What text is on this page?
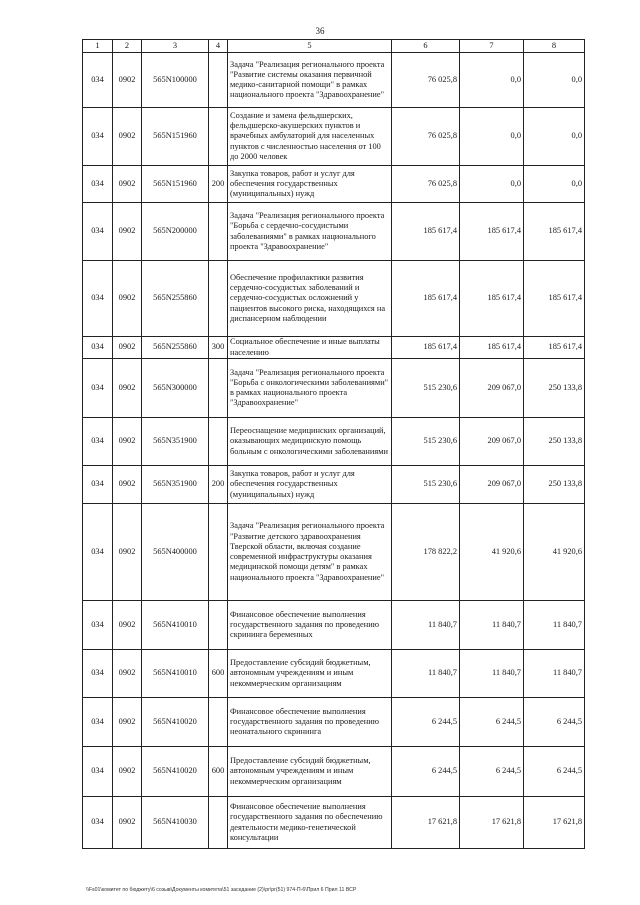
36
1	2	3	4	5	6	7	8
034	0902	565N100000		Задача "Реализация регионального проекта "Развитие системы оказания первичной медико-санитарной помощи" в рамках национального проекта "Здравоохранение"	76 025,8	0,0	0,0
034	0902	565N151960		Создание и замена фельдшерских, фельдшерско-акушерских пунктов и врачебных амбулаторий для населенных пунктов с численностью населения от 100 до 2000 человек	76 025,8	0,0	0,0
034	0902	565N151960	200	Закупка товаров, работ и услуг для обеспечения государственных (муниципальных) нужд	76 025,8	0,0	0,0
034	0902	565N200000		Задача "Реализация регионального проекта "Борьба с сердечно-сосудистыми заболеваниями" в рамках национального проекта "Здравоохранение"	185 617,4	185 617,4	185 617,4
034	0902	565N255860		Обеспечение профилактики развития сердечно-сосудистых заболеваний и сердечно-сосудистых осложнений у пациентов высокого риска, находящихся на диспансерном наблюдении	185 617,4	185 617,4	185 617,4
034	0902	565N255860	300	Социальное обеспечение и иные выплаты населению	185 617,4	185 617,4	185 617,4
034	0902	565N300000		Задача "Реализация регионального проекта "Борьба с онкологическими заболеваниями" в рамках национального проекта "Здравоохранение"	515 230,6	209 067,0	250 133,8
034	0902	565N351900		Переоснащение медицинских организаций, оказывающих медицинскую помощь больным с онкологическими заболеваниями	515 230,6	209 067,0	250 133,8
034	0902	565N351900	200	Закупка товаров, работ и услуг для обеспечения государственных (муниципальных) нужд	515 230,6	209 067,0	250 133,8
034	0902	565N400000		Задача "Реализация регионального проекта "Развитие детского здравоохранения Тверской области, включая создание современной инфраструктуры оказания медицинской помощи детям" в рамках национального проекта "Здравоохранение"	178 822,2	41 920,6	41 920,6
034	0902	565N410010		Финансовое обеспечение выполнения государственного задания по проведению скрининга беременных	11 840,7	11 840,7	11 840,7
034	0902	565N410010	600	Предоставление субсидий бюджетным, автономным учреждениям и иным некоммерческим организациям	11 840,7	11 840,7	11 840,7
034	0902	565N410020		Финансовое обеспечение выполнения государственного задания по проведению неонатального скрининга	6 244,5	6 244,5	6 244,5
034	0902	565N410020	600	Предоставление субсидий бюджетным, автономным учреждениям и иным некоммерческим организациям	6 244,5	6 244,5	6 244,5
034	0902	565N410030		Финансовое обеспечение выполнения государственного задания по обеспечению деятельности медико-генетической консультации	17 621,8	17 621,8	17 621,8
\\Fs01\комитет по бюджету\6 созыв\Документы комитета\51 заседание (2)\pr\pr(51) 974-П-6\Прил 6 Прил 11 ВСР
